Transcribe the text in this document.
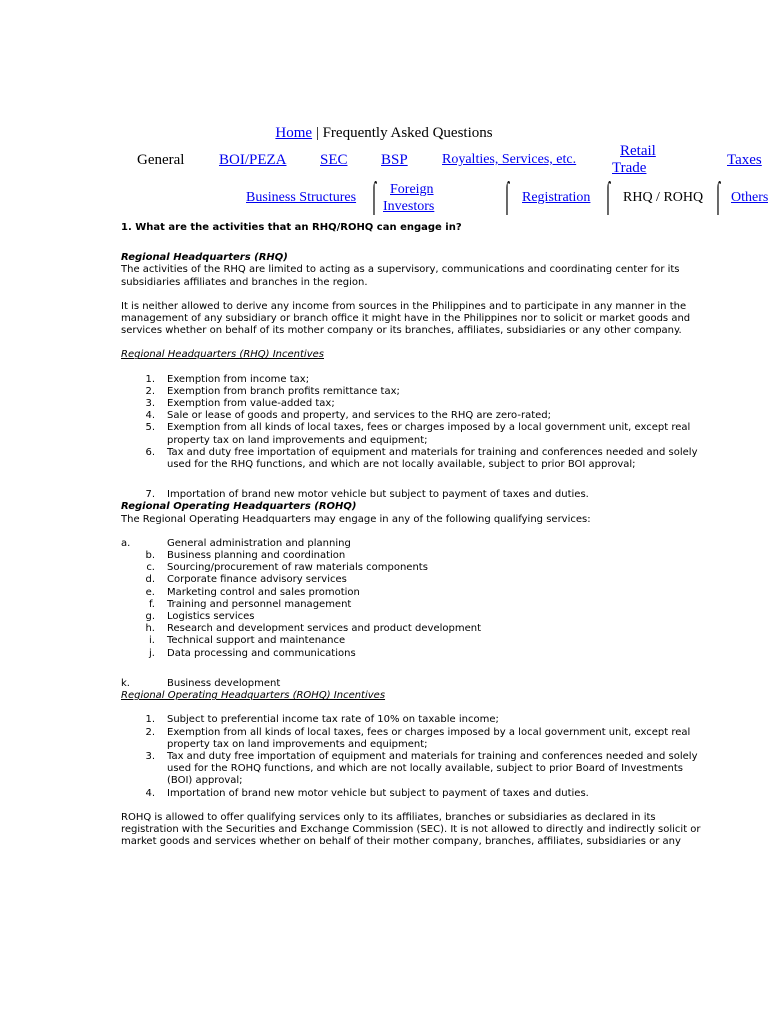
Home | Frequently Asked Questions
General BOI/PEZA SEC BSP Royalties, Services, etc.
Retail
Trade	Taxes
Business Structures ⌠ Foreign
Investors	⌠ Registration ⌠ RHQ / ROHQ ⌠ Others

1. What are the activities that an RHQ/ROHQ can engage in?

Regional Headquarters (RHQ)

The activities of the RHQ are limited to acting as a supervisory, communications and coordinating center for its subsidiaries affiliates and branches in the region.

It is neither allowed to derive any income from sources in the Philippines and to participate in any manner in the management of any subsidiary or branch office it might have in the Philippines nor to solicit or market goods and services whether on behalf of its mother company or its branches, affiliates, subsidiaries or any other company.

Regional Headquarters (RHQ) Incentives

1. Exemption from income tax;
2. Exemption from branch profits remittance tax;
3. Exemption from value-added tax;
4. Sale or lease of goods and property, and services to the RHQ are zero-rated;
5. Exemption from all kinds of local taxes, fees or charges imposed by a local government unit, except real property tax on land improvements and equipment;
6. Tax and duty free importation of equipment and materials for training and conferences needed and solely used for the RHQ functions, and which are not locally available, subject to prior BOI approval;
7. Importation of brand new motor vehicle but subject to payment of taxes and duties.

Regional Operating Headquarters (ROHQ)

The Regional Operating Headquarters may engage in any of the following qualifying services:

a.	General administration and planning
b. Business planning and coordination
c. Sourcing/procurement of raw materials components
d. Corporate finance advisory services
e. Marketing control and sales promotion
f. Training and personnel management
g. Logistics services
h. Research and development services and product development
i. Technical support and maintenance
j. Data processing and communications
k.	Business development

Regional Operating Headquarters (ROHQ) Incentives

1. Subject to preferential income tax rate of 10% on taxable income;
2. Exemption from all kinds of local taxes, fees or charges imposed by a local government unit, except real property tax on land improvements and equipment;
3. Tax and duty free importation of equipment and materials for training and conferences needed and solely used for the ROHQ functions, and which are not locally available, subject to prior Board of Investments (BOI) approval;
4. Importation of brand new motor vehicle but subject to payment of taxes and duties.

ROHQ is allowed to offer qualifying services only to its affiliates, branches or subsidiaries as declared in its registration with the Securities and Exchange Commission (SEC). It is not allowed to directly and indirectly solicit or market goods and services whether on behalf of their mother company, branches, affiliates, subsidiaries or any
